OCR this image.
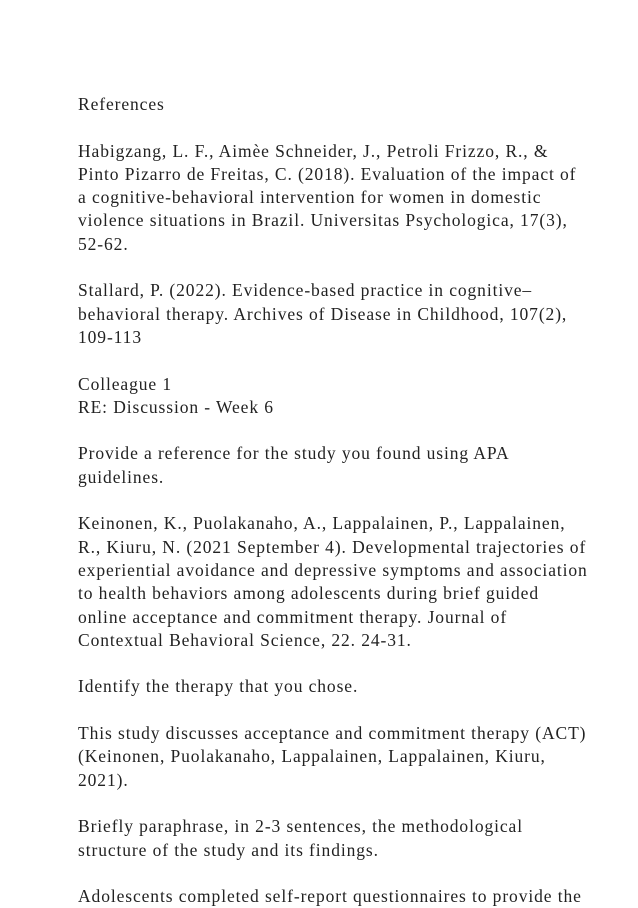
References
Habigzang, L. F., Aimèe Schneider, J., Petroli Frizzo, R., &
Pinto Pizarro de Freitas, C. (2018). Evaluation of the impact of
a cognitive-behavioral intervention for women in domestic
violence situations in Brazil. Universitas Psychologica, 17(3),
52-62.
Stallard, P. (2022). Evidence-based practice in cognitive–
behavioral therapy. Archives of Disease in Childhood, 107(2),
109-113
Colleague 1
RE: Discussion - Week 6
Provide a reference for the study you found using APA
guidelines.
Keinonen, K., Puolakanaho, A., Lappalainen, P., Lappalainen,
R., Kiuru, N. (2021 September 4). Developmental trajectories of
experiential avoidance and depressive symptoms and association
to health behaviors among adolescents during brief guided
online acceptance and commitment therapy. Journal of
Contextual Behavioral Science, 22. 24-31.
Identify the therapy that you chose.
This study discusses acceptance and commitment therapy (ACT)
(Keinonen, Puolakanaho, Lappalainen, Lappalainen, Kiuru,
2021).
Briefly paraphrase, in 2-3 sentences, the methodological
structure of the study and its findings.
Adolescents completed self-report questionnaires to provide the
